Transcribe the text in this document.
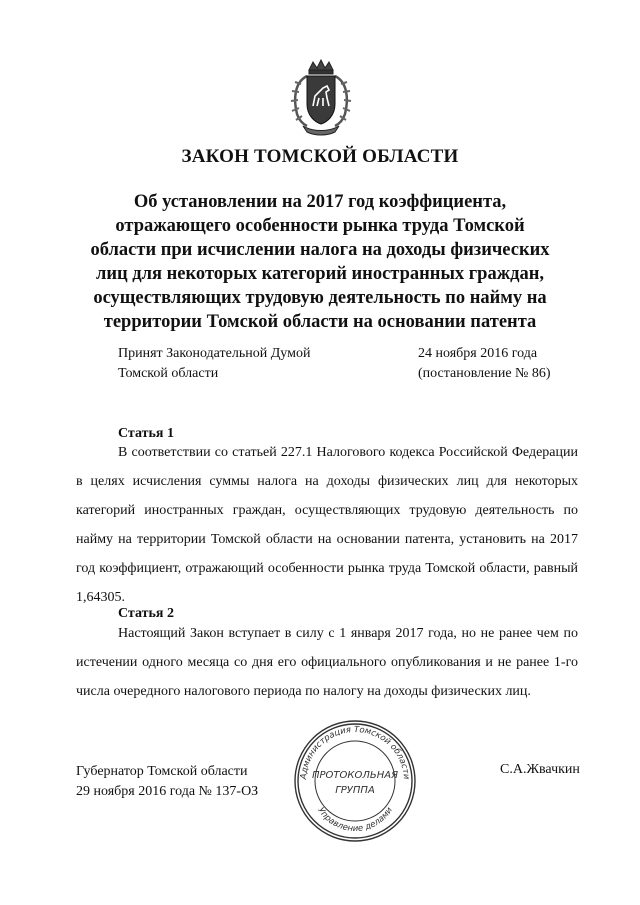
ЗАКОН ТОМСКОЙ ОБЛАСТИ
Об установлении на 2017 год коэффициента,
отражающего особенности рынка труда Томской
области при исчислении налога на доходы физических
лиц для некоторых категорий иностранных граждан,
осуществляющих трудовую деятельность по найму на
территории Томской области на основании патента
Принят Законодательной Думой
Томской области
24 ноября 2016 года
(постановление № 86)
Статья 1

В соответствии со статьей 227.1 Налогового кодекса Российской Федерации в целях исчисления суммы налога на доходы физических лиц для некоторых категорий иностранных граждан, осуществляющих трудовую деятельность по найму на территории Томской области на основании патента, установить на 2017 год коэффициент, отражающий особенности рынка труда Томской области, равный 1,64305.

Статья 2

Настоящий Закон вступает в силу с 1 января 2017 года, но не ранее чем по истечении одного месяца со дня его официального опубликования и не ранее 1-го числа очередного налогового периода по налогу на доходы физических лиц.

Губернатор Томской области
29 ноября 2016 года № 137-ОЗ
С.А.Жвачкин
Администрация Томской области
Управление делами
ПРОТОКОЛЬНАЯ
ГРУППА
